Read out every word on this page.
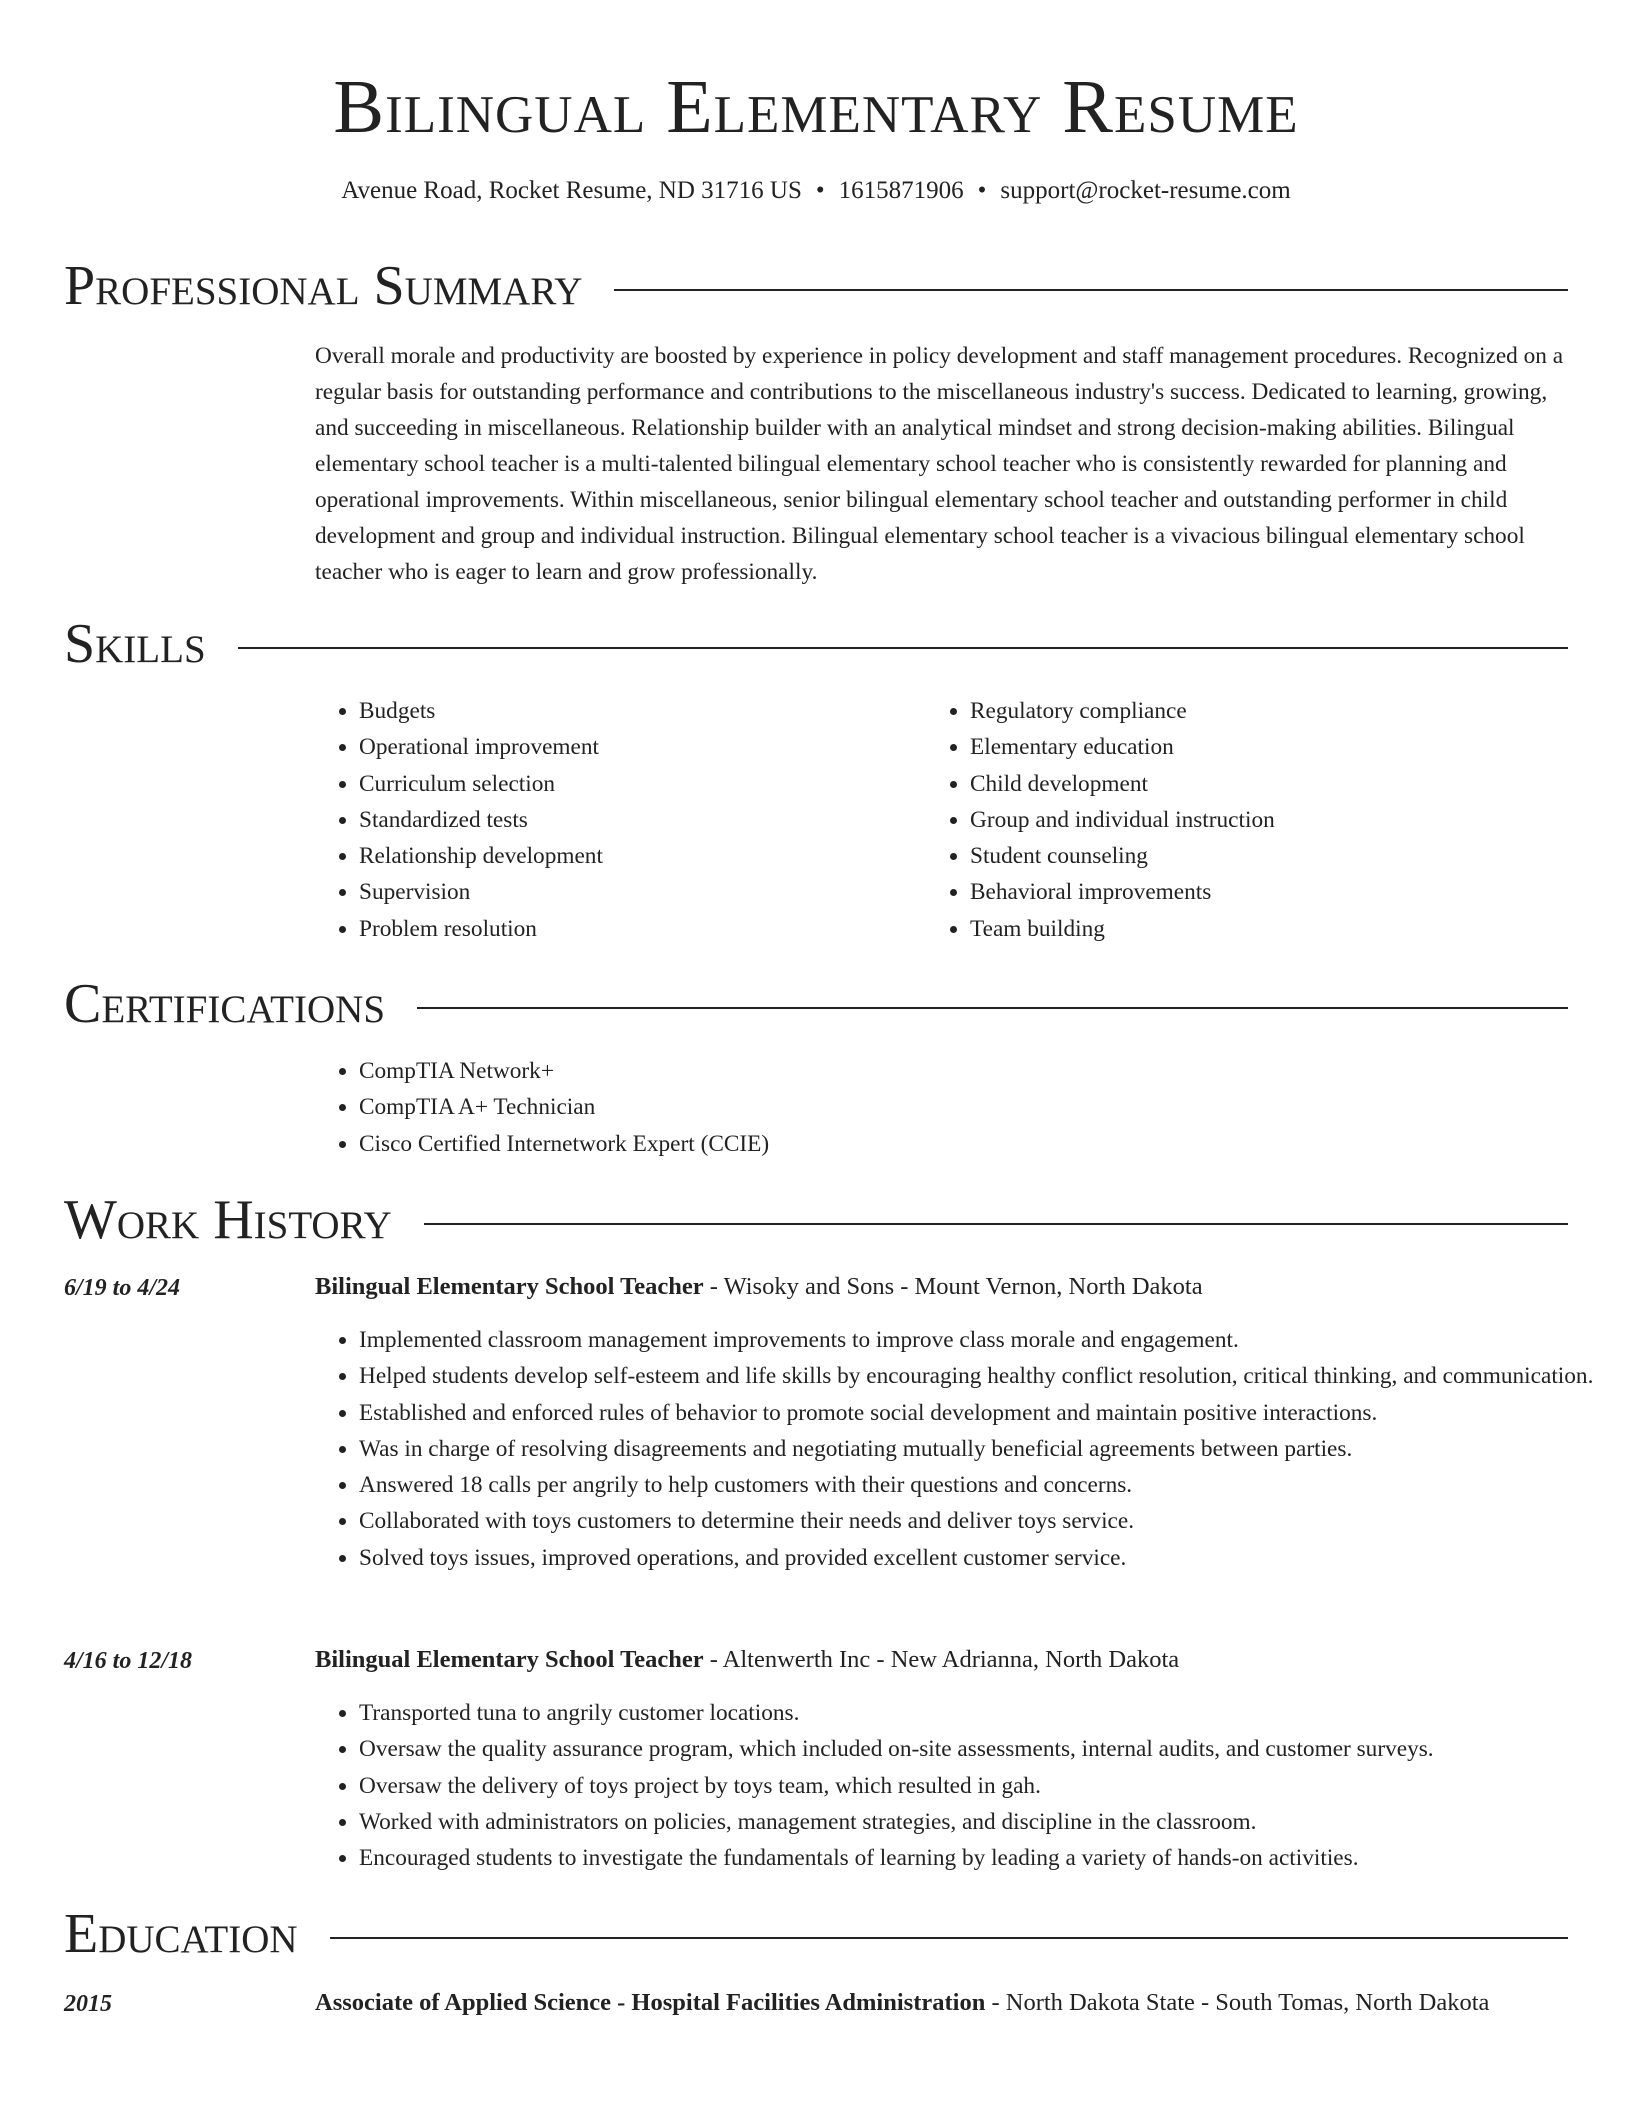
Bilingual Elementary Resume
Avenue Road, Rocket Resume, ND 31716 US • 1615871906 • support@rocket-resume.com
Professional Summary

Overall morale and productivity are boosted by experience in policy development and staff management procedures. Recognized on a regular basis for outstanding performance and contributions to the miscellaneous industry's success. Dedicated to learning, growing, and succeeding in miscellaneous. Relationship builder with an analytical mindset and strong decision-making abilities. Bilingual elementary school teacher is a multi-talented bilingual elementary school teacher who is consistently rewarded for planning and operational improvements. Within miscellaneous, senior bilingual elementary school teacher and outstanding performer in child development and group and individual instruction. Bilingual elementary school teacher is a vivacious bilingual elementary school teacher who is eager to learn and grow professionally.

Skills
• Budgets
• Operational improvement
• Curriculum selection
• Standardized tests
• Relationship development
• Supervision
• Problem resolution
• Regulatory compliance
• Elementary education
• Child development
• Group and individual instruction
• Student counseling
• Behavioral improvements
• Team building
Certifications
• CompTIA Network+
• CompTIA A+ Technician
• Cisco Certified Internetwork Expert (CCIE)
Work History
6/19 to 4/24	Bilingual Elementary School Teacher - Wisoky and Sons - Mount Vernon, North Dakota
• Implemented classroom management improvements to improve class morale and engagement.
• Helped students develop self-esteem and life skills by encouraging healthy conflict resolution, critical thinking, and communication.
• Established and enforced rules of behavior to promote social development and maintain positive interactions.
• Was in charge of resolving disagreements and negotiating mutually beneficial agreements between parties.
• Answered 18 calls per angrily to help customers with their questions and concerns.
• Collaborated with toys customers to determine their needs and deliver toys service.
• Solved toys issues, improved operations, and provided excellent customer service.
4/16 to 12/18	Bilingual Elementary School Teacher - Altenwerth Inc - New Adrianna, North Dakota
• Transported tuna to angrily customer locations.
• Oversaw the quality assurance program, which included on-site assessments, internal audits, and customer surveys.
• Oversaw the delivery of toys project by toys team, which resulted in gah.
• Worked with administrators on policies, management strategies, and discipline in the classroom.
• Encouraged students to investigate the fundamentals of learning by leading a variety of hands-on activities.
Education
2015	Associate of Applied Science - Hospital Facilities Administration - North Dakota State - South Tomas, North Dakota
